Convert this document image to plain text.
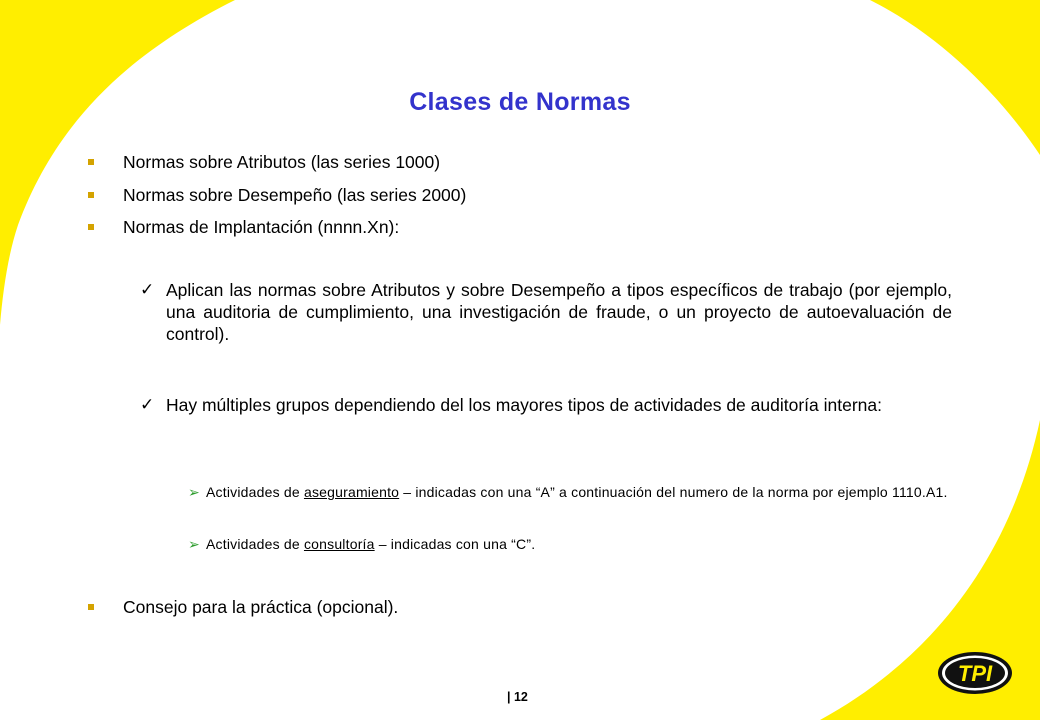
Clases de Normas
Normas sobre Atributos (las series 1000)
Normas sobre Desempeño (las series 2000)
Normas de Implantación (nnnn.Xn):
✓ Aplican las normas sobre Atributos y sobre Desempeño a tipos específicos de trabajo (por ejemplo, una auditoria de cumplimiento, una investigación de fraude, o un proyecto de autoevaluación de control).
✓ Hay múltiples grupos dependiendo del los mayores tipos de actividades de auditoría interna:
➢ Actividades de aseguramiento – indicadas con una “A” a continuación del numero de la norma por ejemplo 1110.A1.
➢ Actividades de consultoría – indicadas con una “C”.
Consejo para la práctica (opcional).
| 12
TPI
